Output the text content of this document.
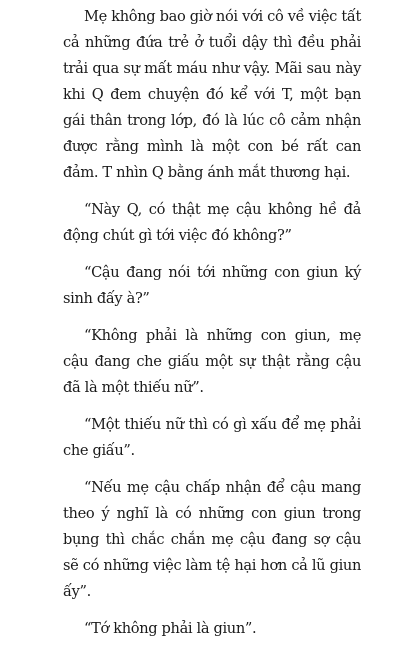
Mẹ không bao giờ nói với cô về việc tất cả những đứa trẻ ở tuổi dậy thì đều phải trải qua sự mất máu như vậy. Mãi sau này khi Q đem chuyện đó kể với T, một bạn gái thân trong lớp, đó là lúc cô cảm nhận được rằng mình là một con bé rất can đảm. T nhìn Q bằng ánh mắt thương hại.

“Này Q, có thật mẹ cậu không hề đả động chút gì tới việc đó không?”

“Cậu đang nói tới những con giun ký sinh đấy à?”

“Không phải là những con giun, mẹ cậu đang che giấu một sự thật rằng cậu đã là một thiếu nữ”.

“Một thiếu nữ thì có gì xấu để mẹ phải che giấu”.

“Nếu mẹ cậu chấp nhận để cậu mang theo ý nghĩ là có những con giun trong bụng thì chắc chắn mẹ cậu đang sợ cậu sẽ có những việc làm tệ hại hơn cả lũ giun ấy”.

“Tớ không phải là giun”.
